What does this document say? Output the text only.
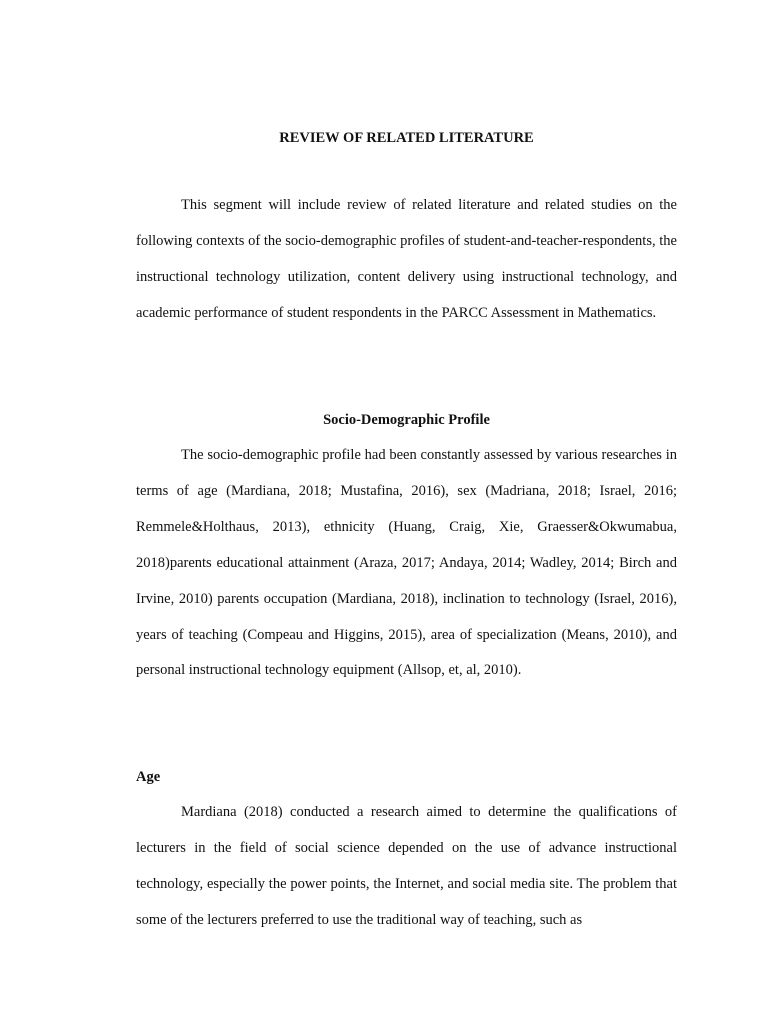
REVIEW OF RELATED LITERATURE

This segment will include review of related literature and related studies on the following contexts of the socio-demographic profiles of student-and-teacher-respondents, the instructional technology utilization, content delivery using instructional technology, and academic performance of student respondents in the PARCC Assessment in Mathematics.

Socio-Demographic Profile

The socio-demographic profile had been constantly assessed by various researches in terms of age (Mardiana, 2018; Mustafina, 2016), sex (Madriana, 2018; Israel, 2016; Remmele&Holthaus, 2013), ethnicity (Huang, Craig, Xie, Graesser&Okwumabua, 2018)parents educational attainment (Araza, 2017; Andaya, 2014; Wadley, 2014; Birch and Irvine, 2010) parents occupation (Mardiana, 2018), inclination to technology (Israel, 2016), years of teaching (Compeau and Higgins, 2015), area of specialization (Means, 2010), and personal instructional technology equipment (Allsop, et, al, 2010).

Age

Mardiana (2018) conducted a research aimed to determine the qualifications of lecturers in the field of social science depended on the use of advance instructional technology, especially the power points, the Internet, and social media site. The problem that some of the lecturers preferred to use the traditional way of teaching, such as
